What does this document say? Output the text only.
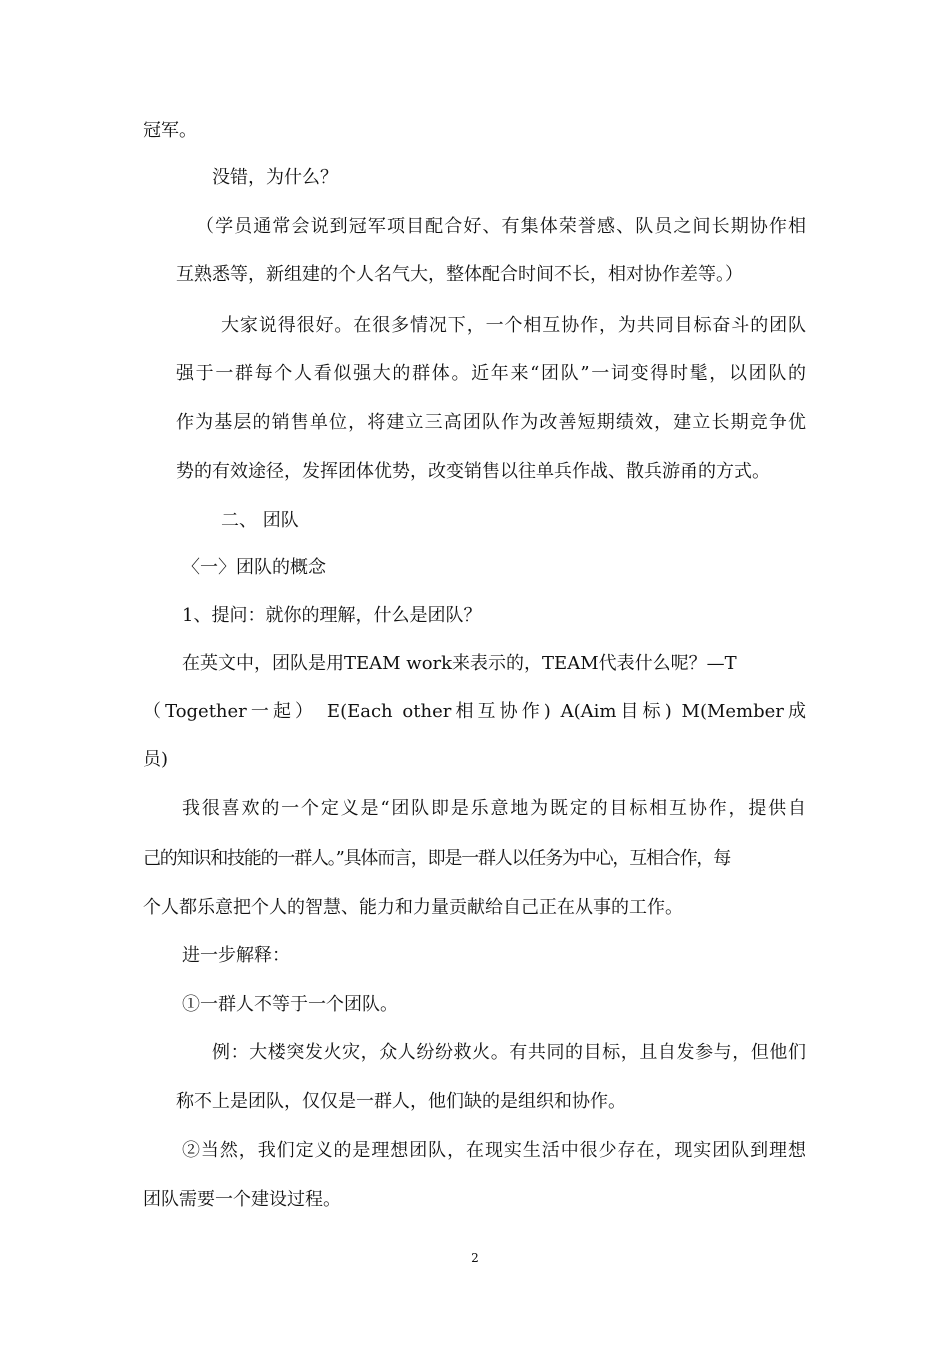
冠军。
没错，为什么？
（学员通常会说到冠军项目配合好、有集体荣誉感、队员之间长期协作相
互熟悉等，新组建的个人名气大，整体配合时间不长，相对协作差等。）
大家说得很好。在很多情况下，一个相互协作，为共同目标奋斗的团队
强于一群每个人看似强大的群体。近年来“团队”一词变得时髦，以团队的
作为基层的销售单位，将建立三高团队作为改善短期绩效，建立长期竞争优
势的有效途径，发挥团体优势，改变销售以往单兵作战、散兵游甬的方式。
二、 团队
〈一〉团队的概念
1、提问：就你的理解，什么是团队？
在英文中，团队是用TEAM work来表示的，TEAM代表什么呢？—T
（Together一起） E(Each other相互协作) A(Aim目标) M(Member成
员)
我很喜欢的一个定义是“团队即是乐意地为既定的目标相互协作，提供自
己的知识和技能的一群人。”具体而言，即是一群人以任务为中心，互相合作，每
个人都乐意把个人的智慧、能力和力量贡献给自己正在从事的工作。
进一步解释：
①一群人不等于一个团队。
例：大楼突发火灾，众人纷纷救火。有共同的目标，且自发参与，但他们
称不上是团队，仅仅是一群人，他们缺的是组织和协作。
②当然，我们定义的是理想团队，在现实生活中很少存在，现实团队到理想
团队需要一个建设过程。
2
